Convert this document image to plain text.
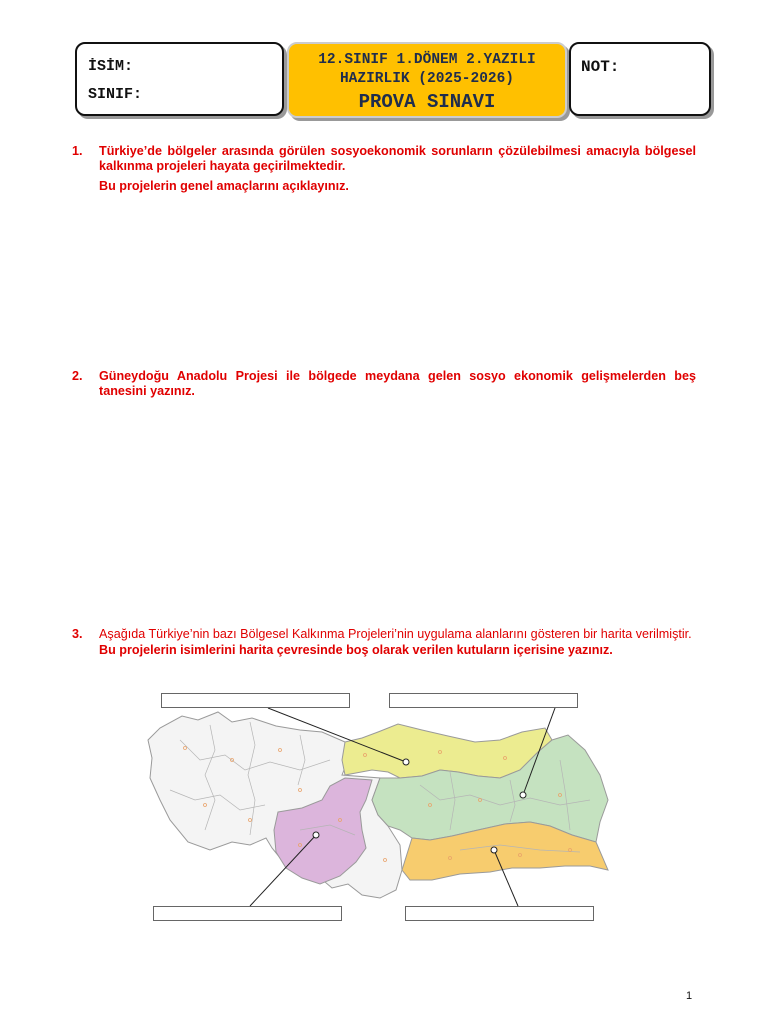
İSİM:
SINIF:
12.SINIF 1.DÖNEM 2.YAZILI
HAZIRLIK (2025-2026)
PROVA SINAVI
NOT:
1. Türkiye’de bölgeler arasında görülen sosyoekonomik sorunların çözülebilmesi amacıyla bölgesel kalkınma projeleri hayata geçirilmektedir.
Bu projelerin genel amaçlarını açıklayınız.
2. Güneydoğu Anadolu Projesi ile bölgede meydana gelen sosyo ekonomik gelişmelerden beş tanesini yazınız.
3. Aşağıda Türkiye’nin bazı Bölgesel Kalkınma Projeleri’nin uygulama alanlarını gösteren bir harita verilmiştir.
Bu projelerin isimlerini harita çevresinde boş olarak verilen kutuların içerisine yazınız.
1
